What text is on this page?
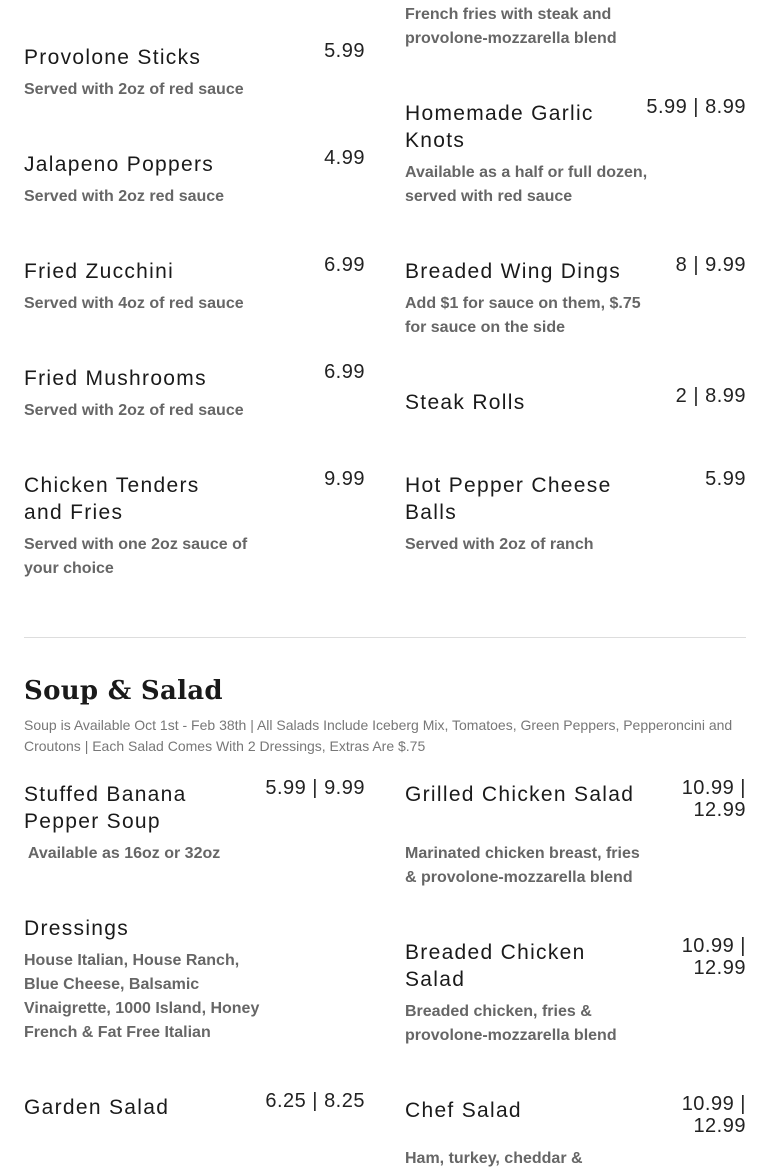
Provolone Sticks	5.99
Served with 2oz of red sauce
Jalapeno Poppers	4.99
Served with 2oz red sauce
Fried Zucchini	6.99
Served with 4oz of red sauce
Fried Mushrooms	6.99
Served with 2oz of red sauce
Chicken Tenders and Fries
9.99
Served with one 2oz sauce of your choice
French fries with steak and provolone-mozzarella blend
Homemade Garlic Knots
5.99 | 8.99
Available as a half or full dozen, served with red sauce
Breaded Wing Dings	8 | 9.99
Add $1 for sauce on them, $.75 for sauce on the side
Steak Rolls	2 | 8.99
Hot Pepper Cheese Balls
5.99
Served with 2oz of ranch
Soup & Salad
Soup is Available Oct 1st - Feb 38th | All Salads Include Iceberg Mix, Tomatoes, Green Peppers, Pepperoncini and Croutons | Each Salad Comes With 2 Dressings, Extras Are $.75
Stuffed Banana Pepper Soup
5.99 | 9.99
Available as 16oz or 32oz
Dressings
House Italian, House Ranch, Blue Cheese, Balsamic Vinaigrette, 1000 Island, Honey French & Fat Free Italian
Garden Salad	6.25 | 8.25
Grilled Chicken Salad	10.99 | 12.99
Marinated chicken breast, fries & provolone-mozzarella blend
Breaded Chicken Salad
10.99 | 12.99
Breaded chicken, fries & provolone-mozzarella blend
Chef Salad	10.99 | 12.99
Ham, turkey, cheddar &
